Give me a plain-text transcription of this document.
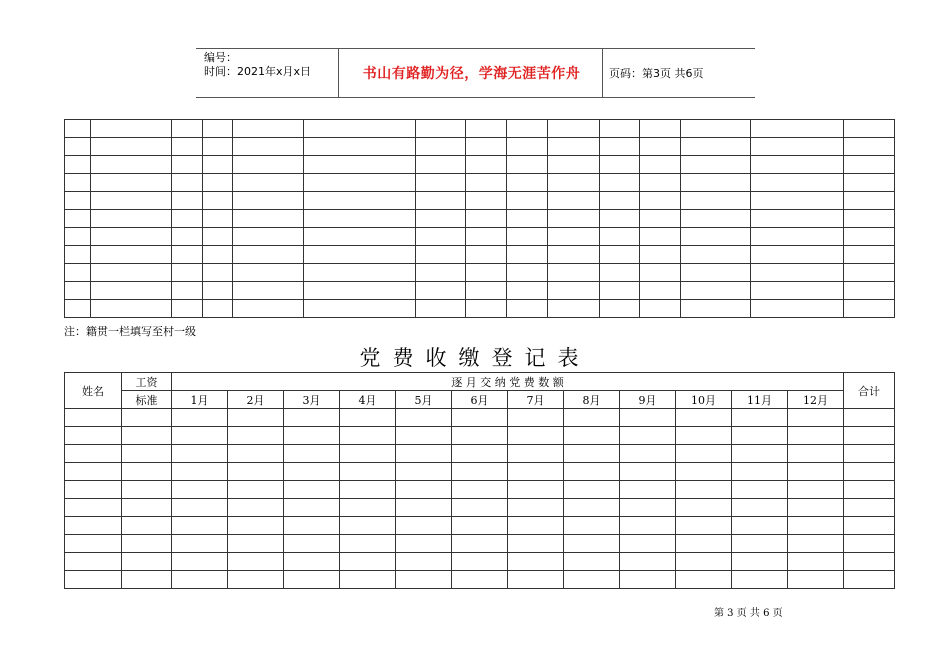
编号：
时间：2021年x月x日	书山有路勤为径，学海无涯苦作舟	页码：第3页 共6页

注：籍贯一栏填写至村一级
党费收缴登记表
姓名	工资	逐 月 交 纳 党 费 数 额												合计
	标准	1月	2月	3月	4月	5月	6月	7月	8月	9月	10月	11月	12月	

第 3 页 共 6 页
